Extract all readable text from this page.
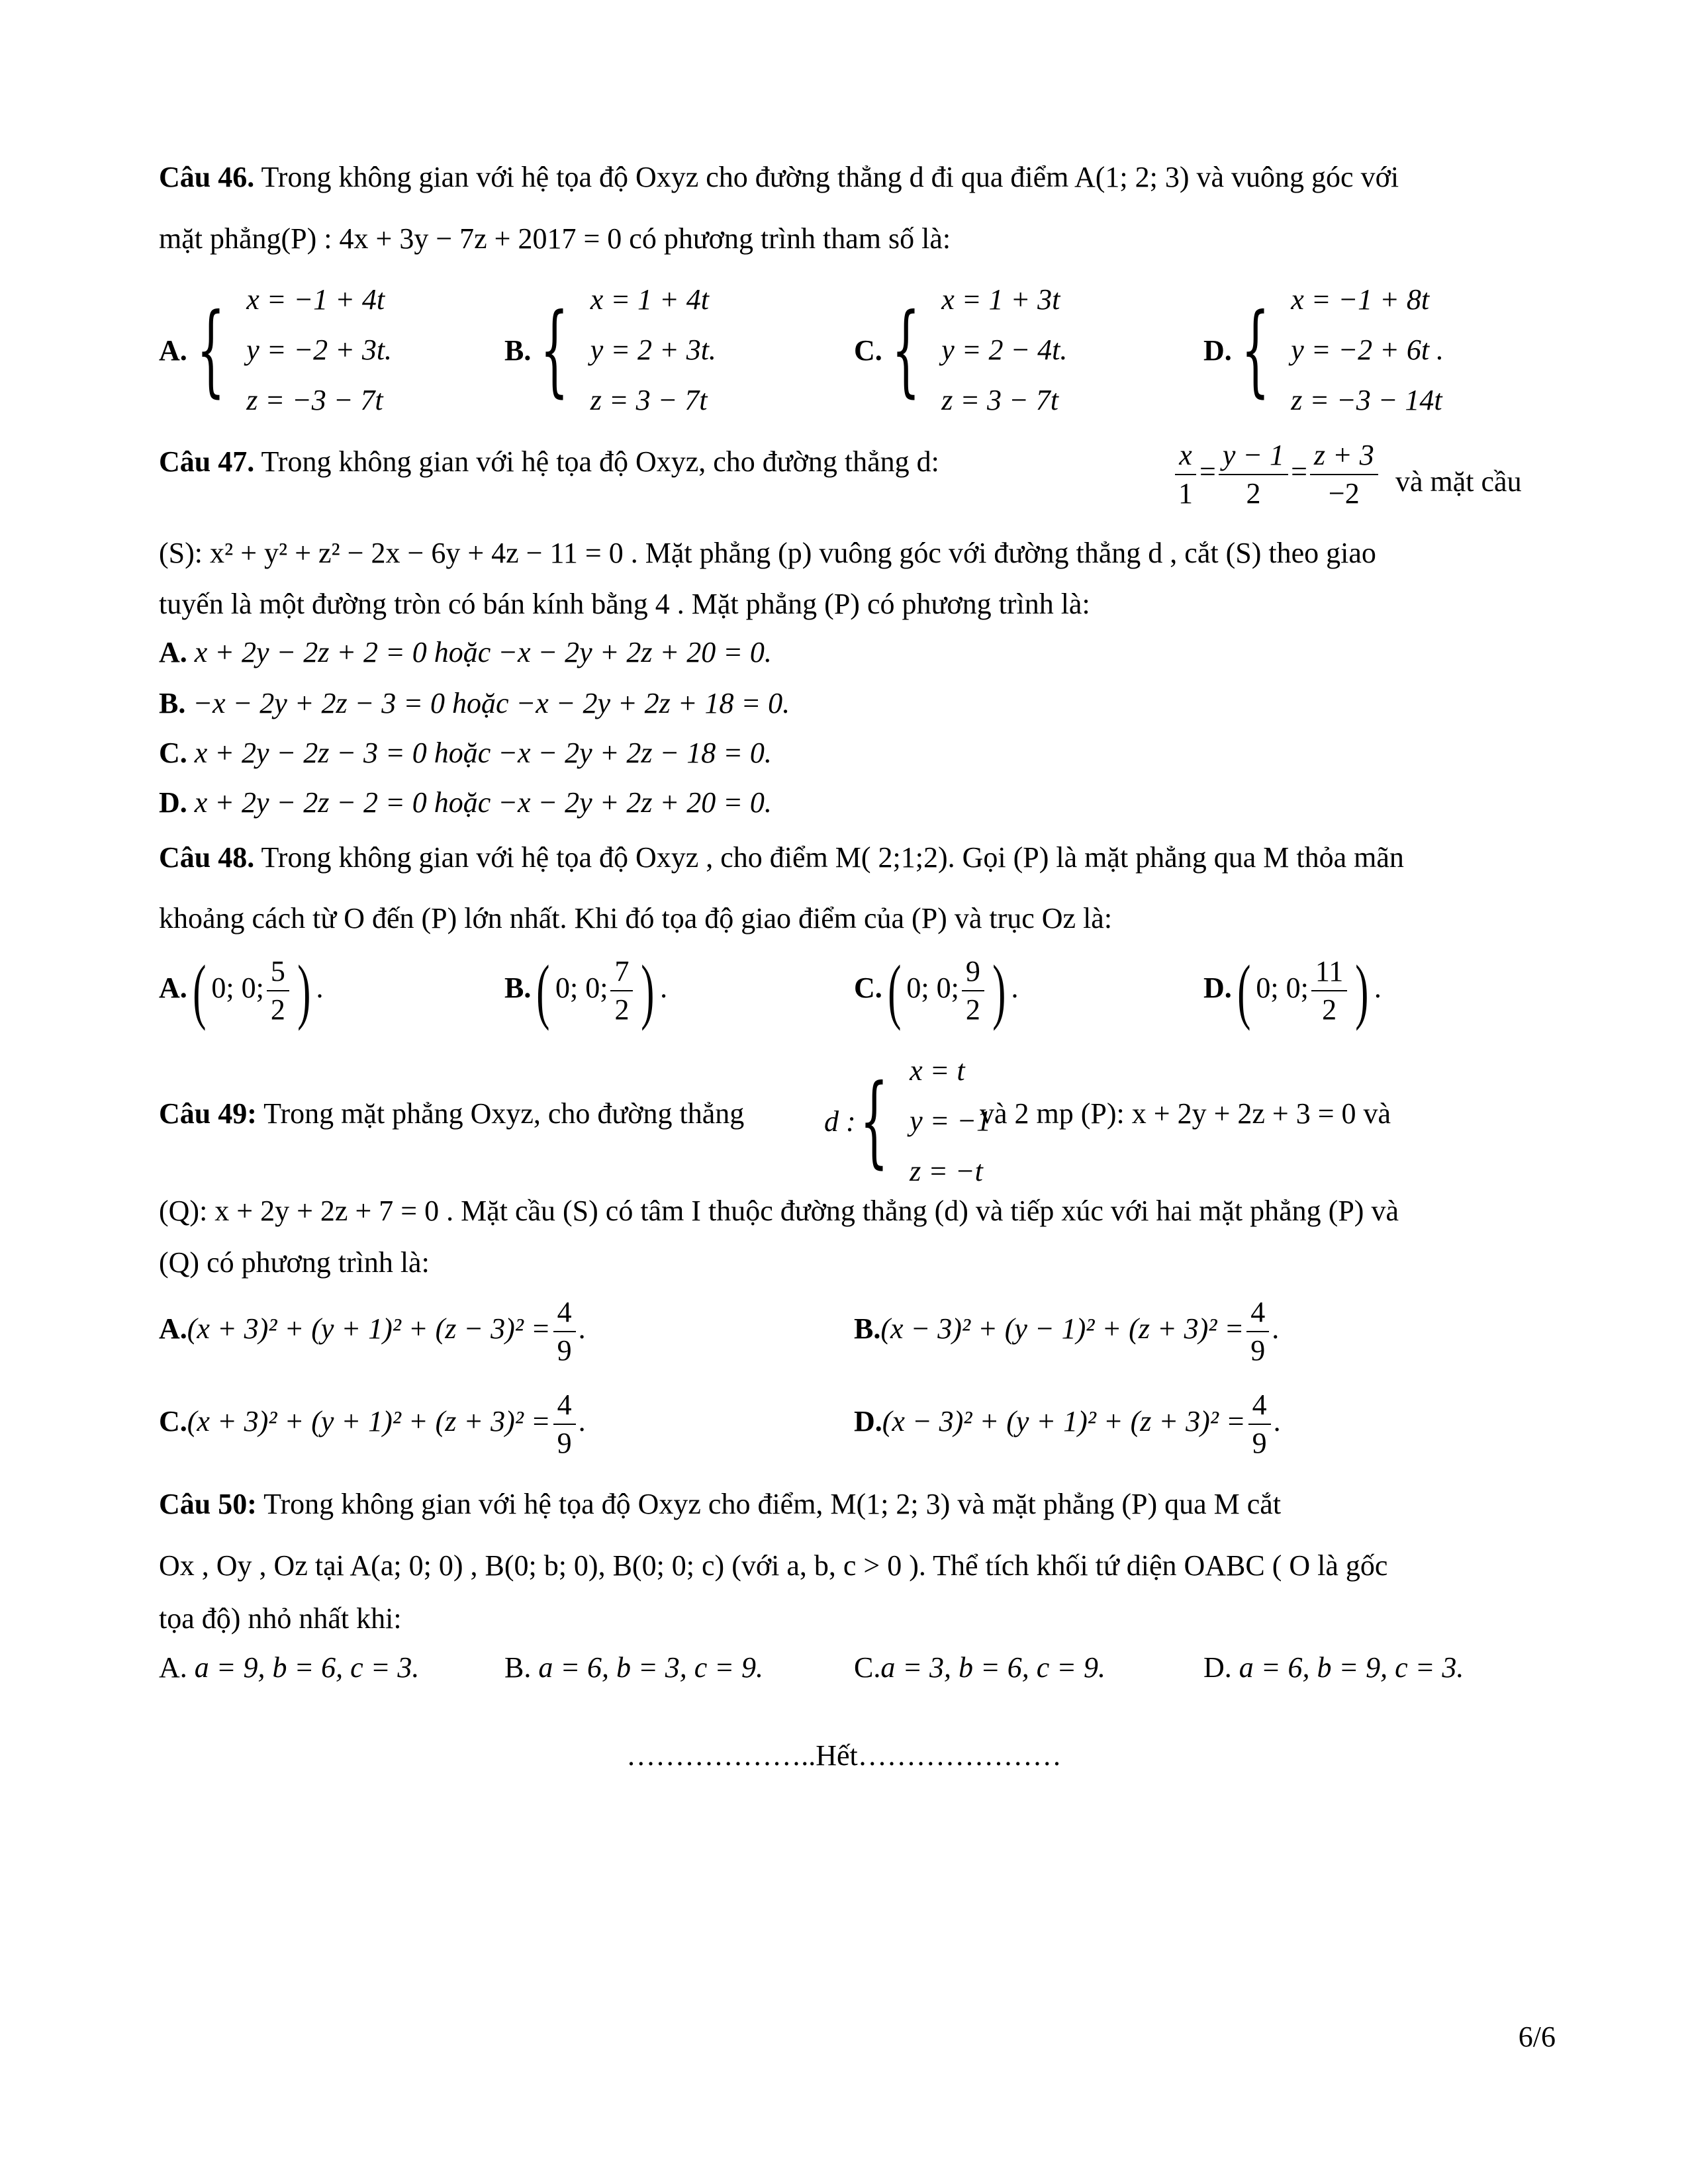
Câu 46. Trong không gian với hệ tọa độ Oxyz cho đường thẳng d đi qua điểm A(1; 2; 3) và vuông góc với
mặt phẳng(P) : 4x + 3y − 7z + 2017 = 0 có phương trình tham số là:
A. { x = −1 + 4t
y = −2 + 3t.
z = −3 − 7t
B. { x = 1 + 4t
y = 2 + 3t.
z = 3 − 7t
C. { x = 1 + 3t
y = 2 − 4t.
z = 3 − 7t
D. { x = −1 + 8t
y = −2 + 6t .
z = −3 − 14t
Câu 47. Trong không gian với hệ tọa độ Oxyz, cho đường thẳng d:	$\frac{x}{1} = \frac{y - 1}{2} = \frac{z + 3}{-2}$ và mặt cầu
(S): x² + y² + z² − 2x − 6y + 4z − 11 = 0 . Mặt phẳng (p) vuông góc với đường thẳng d , cắt (S) theo giao
tuyến là một đường tròn có bán kính bằng 4 . Mặt phẳng (P) có phương trình là:
A. x + 2y − 2z + 2 = 0 hoặc −x − 2y + 2z + 20 = 0.
B. −x − 2y + 2z − 3 = 0 hoặc −x − 2y + 2z + 18 = 0.
C. x + 2y − 2z − 3 = 0 hoặc −x − 2y + 2z − 18 = 0.
D. x + 2y − 2z − 2 = 0 hoặc −x − 2y + 2z + 20 = 0.
Câu 48. Trong không gian với hệ tọa độ Oxyz , cho điểm M( 2;1;2). Gọi (P) là mặt phẳng qua M thỏa mãn
khoảng cách từ O đến (P) lớn nhất. Khi đó tọa độ giao điểm của (P) và trục Oz là:
A.( 0; 0; $\frac{5}{2}$ ) .	B.( 0; 0; $\frac{7}{2}$ ) .	C.( 0; 0; $\frac{9}{2}$ ) .	D.( 0; 0; $\frac{11}{2}$ ) .
Câu 49: Trong mặt phẳng Oxyz, cho đường thẳng	d : { x = t
y = −1
z = −t
và 2 mp (P): x + 2y + 2z + 3 = 0 và
(Q): x + 2y + 2z + 7 = 0 . Mặt cầu (S) có tâm I thuộc đường thẳng (d) và tiếp xúc với hai mặt phẳng (P) và
(Q) có phương trình là:
$A.(x + 3)^2 + (y + 1)^2 + (z - 3)^2 = \frac{4}{9}$ .	$B.(x - 3)^2 + (y - 1)^2 + (z + 3)^2 = \frac{4}{9}$ .
$C.(x + 3)^2 + (y + 1)^2 + (z + 3)^2 = \frac{4}{9}$ .	$D.(x - 3)^2 + (y + 1)^2 + (z + 3)^2 = \frac{4}{9}$ .
Câu 50: Trong không gian với hệ tọa độ Oxyz cho điểm, M(1; 2; 3) và mặt phẳng (P) qua M cắt
Ox , Oy , Oz tại A(a; 0; 0) , B(0; b; 0), B(0; 0; c) (với a, b, c > 0 ). Thể tích khối tứ diện OABC ( O là gốc
tọa độ) nhỏ nhất khi:
A. a = 9, b = 6, c = 3.	B. a = 6, b = 3, c = 9.	C.a = 3, b = 6, c = 9.	D. a = 6, b = 9, c = 3.
………………..Hết…………………
6/6
